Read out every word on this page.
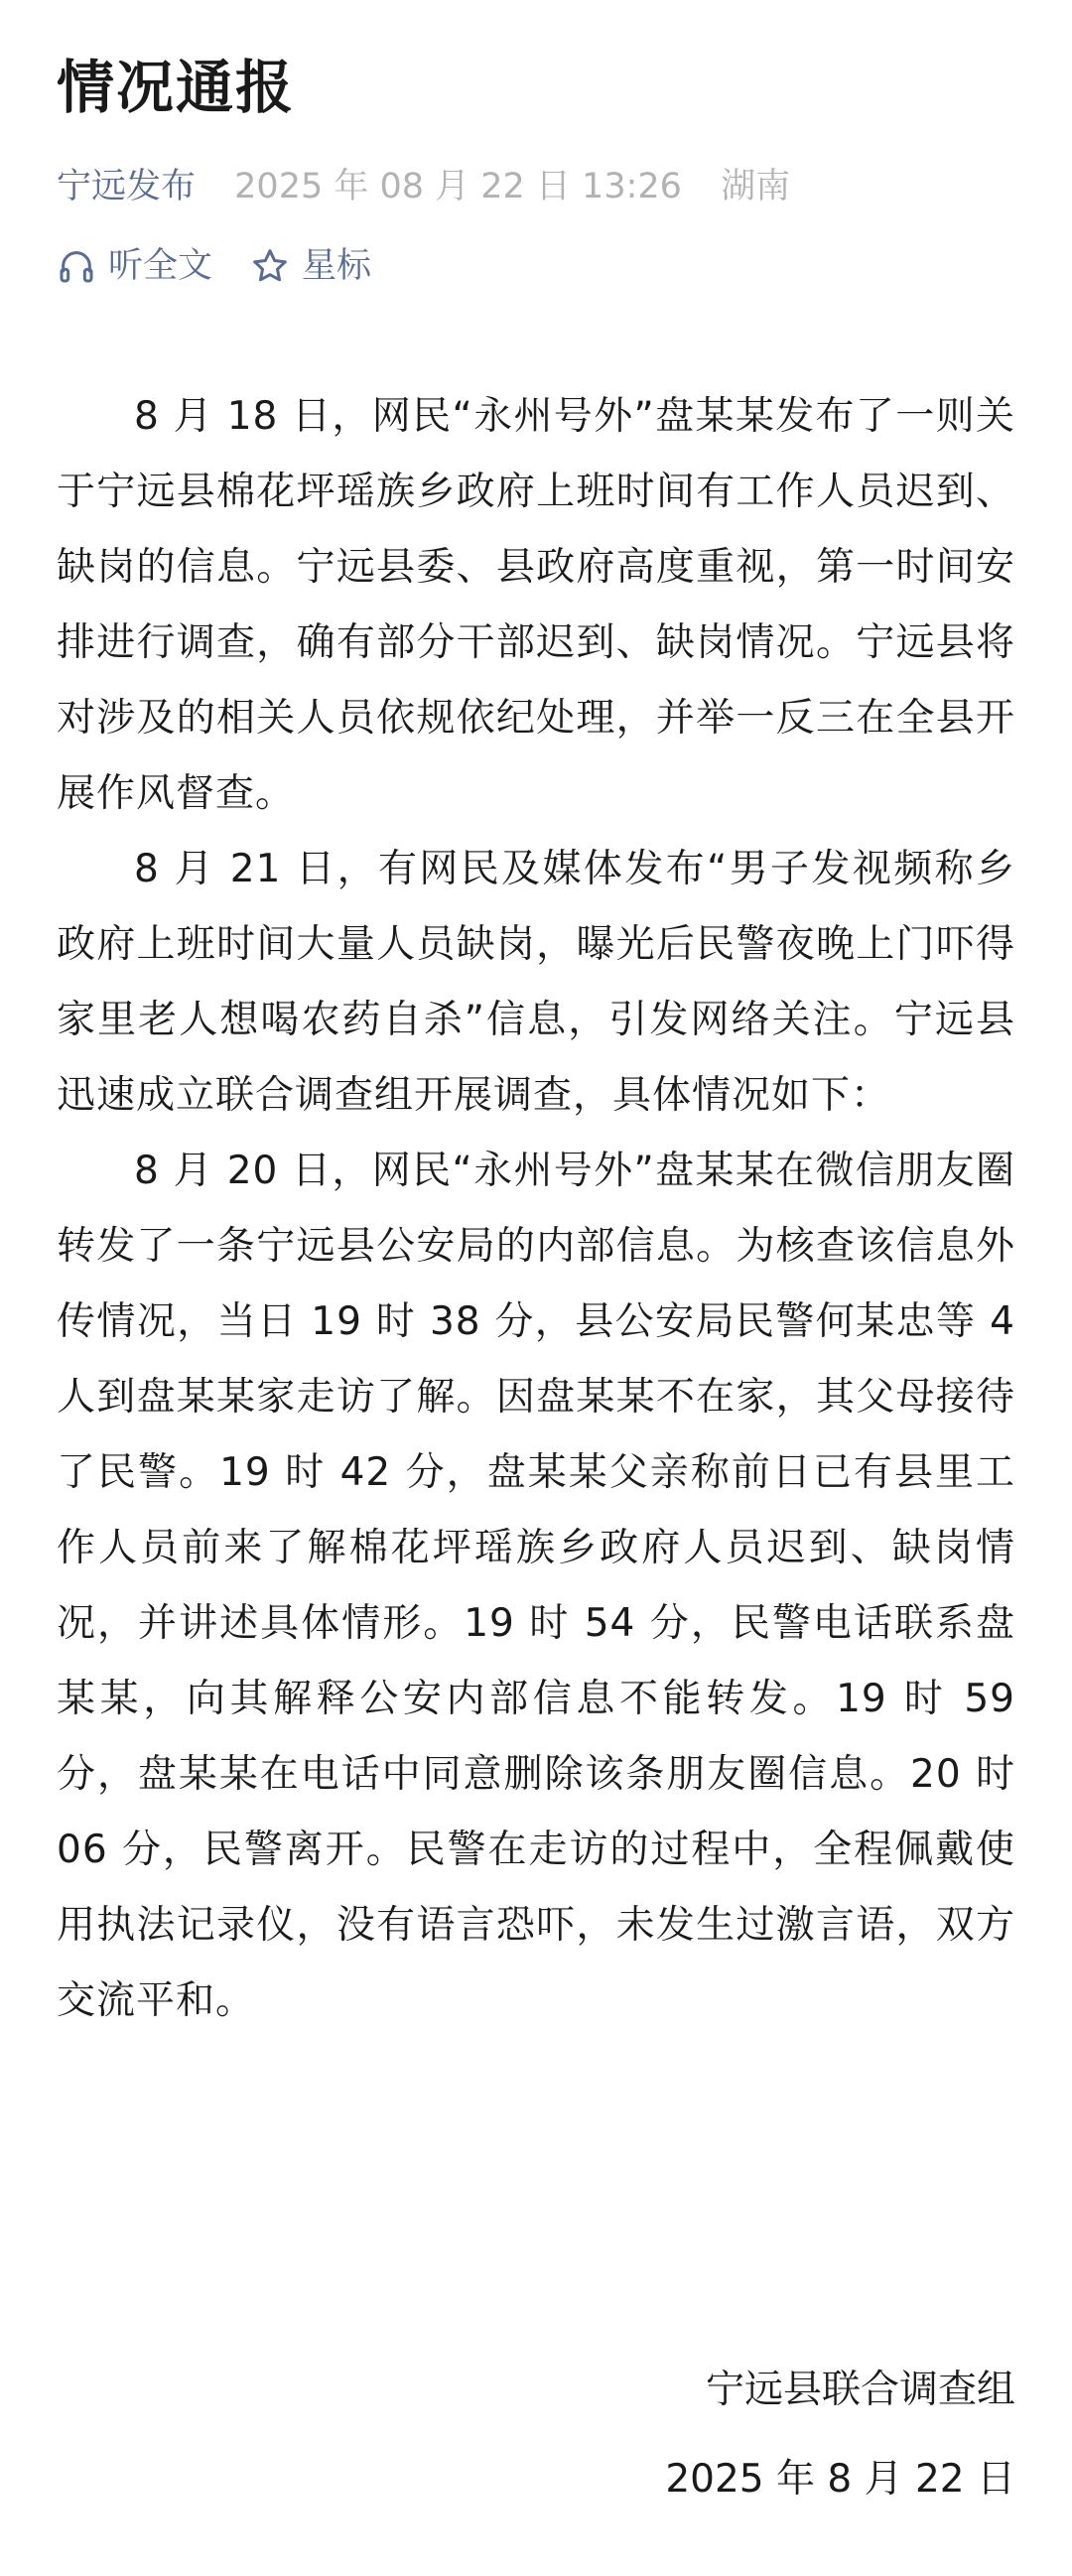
情况通报
宁远发布 2025 年 08 月 22 日 13:26 湖南
听全文	星标

8 月 18 日，网民“永州号外”盘某某发布了一则关于宁远县棉花坪瑶族乡政府上班时间有工作人员迟到、缺岗的信息。宁远县委、县政府高度重视，第一时间安排进行调查，确有部分干部迟到、缺岗情况。宁远县将对涉及的相关人员依规依纪处理，并举一反三在全县开展作风督查。

8 月 21 日，有网民及媒体发布“男子发视频称乡政府上班时间大量人员缺岗，曝光后民警夜晚上门吓得家里老人想喝农药自杀”信息，引发网络关注。宁远县迅速成立联合调查组开展调查，具体情况如下：

8 月 20 日，网民“永州号外”盘某某在微信朋友圈转发了一条宁远县公安局的内部信息。为核查该信息外传情况，当日 19 时 38 分，县公安局民警何某忠等 4 人到盘某某家走访了解。因盘某某不在家，其父母接待了民警。19 时 42 分，盘某某父亲称前日已有县里工作人员前来了解棉花坪瑶族乡政府人员迟到、缺岗情况，并讲述具体情形。19 时 54 分，民警电话联系盘某某，向其解释公安内部信息不能转发。19 时 59 分，盘某某在电话中同意删除该条朋友圈信息。20 时 06 分，民警离开。民警在走访的过程中，全程佩戴使用执法记录仪，没有语言恐吓，未发生过激言语，双方交流平和。

宁远县联合调查组
2025 年 8 月 22 日
